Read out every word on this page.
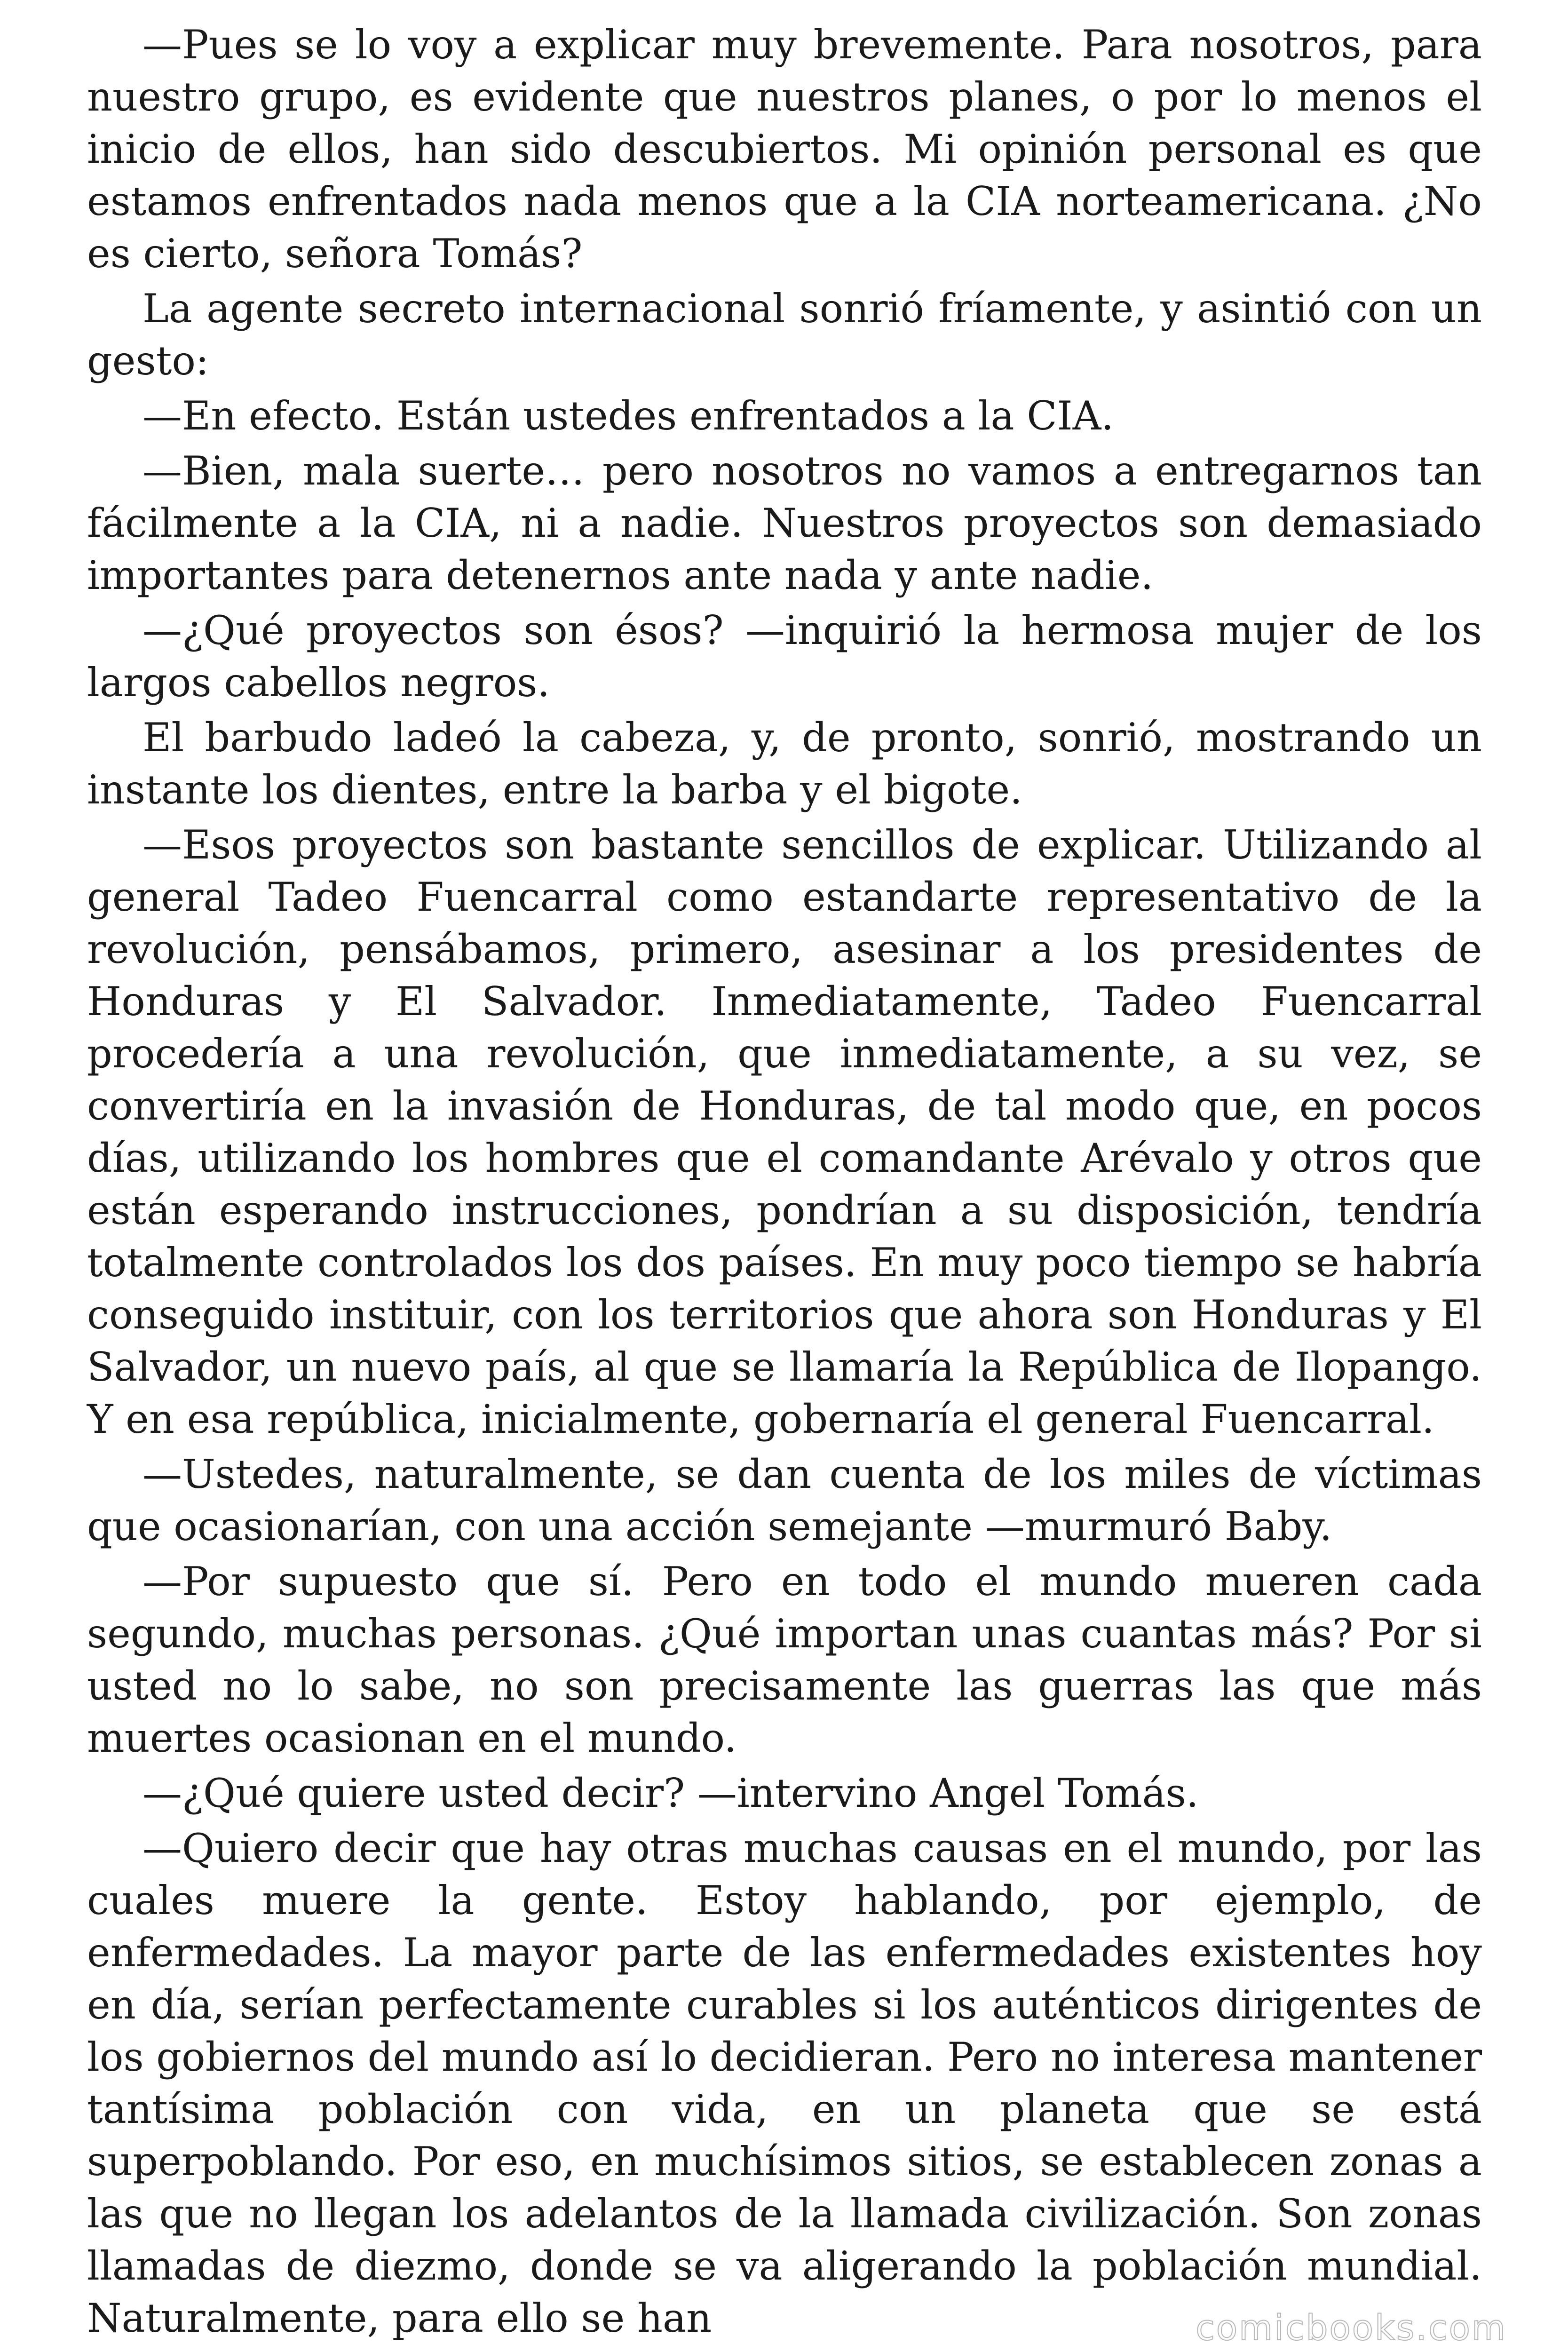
—Pues se lo voy a explicar muy brevemente. Para nosotros, para nuestro grupo, es evidente que nuestros planes, o por lo menos el inicio de ellos, han sido descubiertos. Mi opinión personal es que estamos enfrentados nada menos que a la CIA norteamericana. ¿No es cierto, señora Tomás?

La agente secreto internacional sonrió fríamente, y asintió con un gesto:

—En efecto. Están ustedes enfrentados a la CIA.

—Bien, mala suerte… pero nosotros no vamos a entregarnos tan fácilmente a la CIA, ni a nadie. Nuestros proyectos son demasiado importantes para detenernos ante nada y ante nadie.

—¿Qué proyectos son ésos? —inquirió la hermosa mujer de los largos cabellos negros.

El barbudo ladeó la cabeza, y, de pronto, sonrió, mostrando un instante los dientes, entre la barba y el bigote.

—Esos proyectos son bastante sencillos de explicar. Utilizando al general Tadeo Fuencarral como estandarte representativo de la revolución, pensábamos, primero, asesinar a los presidentes de Honduras y El Salvador. Inmediatamente, Tadeo Fuencarral procedería a una revolución, que inmediatamente, a su vez, se convertiría en la invasión de Honduras, de tal modo que, en pocos días, utilizando los hombres que el comandante Arévalo y otros que están esperando instrucciones, pondrían a su disposición, tendría totalmente controlados los dos países. En muy poco tiempo se habría conseguido instituir, con los territorios que ahora son Honduras y El Salvador, un nuevo país, al que se llamaría la República de Ilopango. Y en esa república, inicialmente, gobernaría el general Fuencarral.

—Ustedes, naturalmente, se dan cuenta de los miles de víctimas que ocasionarían, con una acción semejante —murmuró Baby.

—Por supuesto que sí. Pero en todo el mundo mueren cada segundo, muchas personas. ¿Qué importan unas cuantas más? Por si usted no lo sabe, no son precisamente las guerras las que más muertes ocasionan en el mundo.

—¿Qué quiere usted decir? —intervino Angel Tomás.

—Quiero decir que hay otras muchas causas en el mundo, por las cuales muere la gente. Estoy hablando, por ejemplo, de enfermedades. La mayor parte de las enfermedades existentes hoy en día, serían perfectamente curables si los auténticos dirigentes de los gobiernos del mundo así lo decidieran. Pero no interesa mantener tantísima población con vida, en un planeta que se está superpoblando. Por eso, en muchísimos sitios, se establecen zonas a las que no llegan los adelantos de la llamada civilización. Son zonas llamadas de diezmo, donde se va aligerando la población mundial. Naturalmente, para ello se han	comicbooks.com
